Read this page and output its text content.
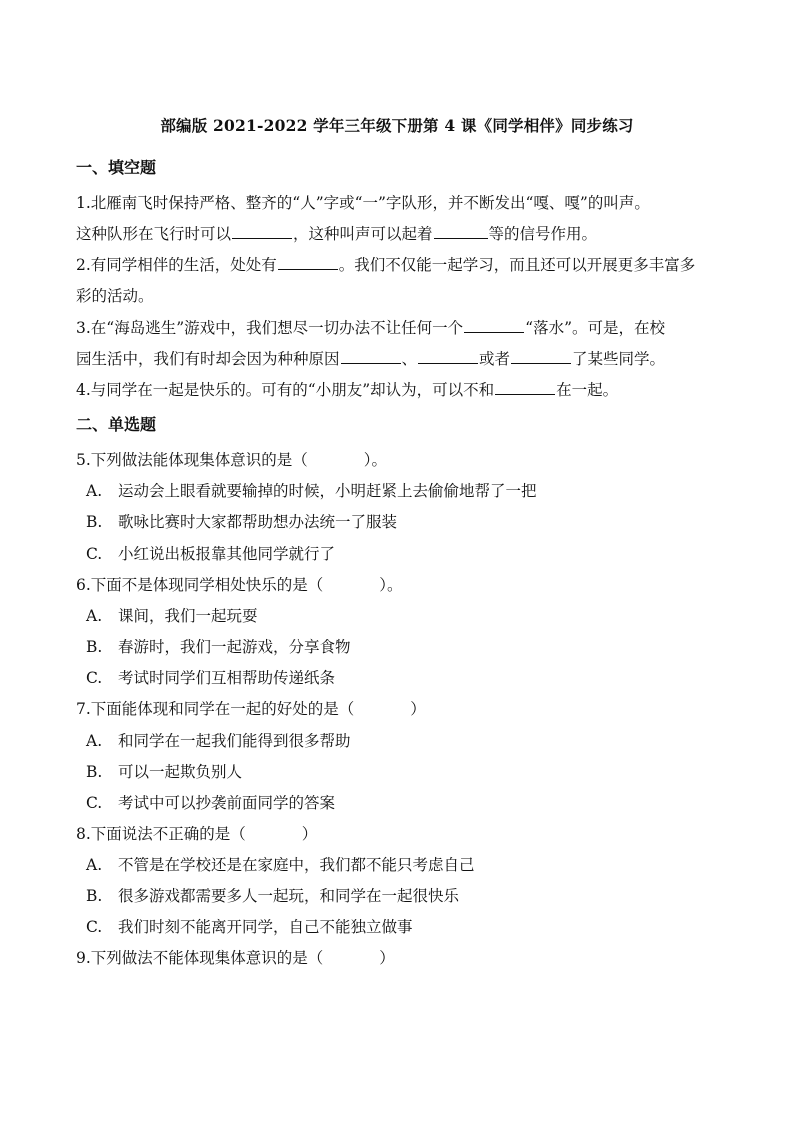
部编版 2021-2022 学年三年级下册第 4 课《同学相伴》同步练习
一、填空题
1.北雁南飞时保持严格、整齐的“人”字或“一”字队形，并不断发出“嘎、嘎”的叫声。
这种队形在飞行时可以	，这种叫声可以起着	等的信号作用。
2.有同学相伴的生活，处处有	。我们不仅能一起学习，而且还可以开展更多丰富多
彩的活动。
3.在“海岛逃生”游戏中，我们想尽一切办法不让任何一个	“落水”。可是，在校
园生活中，我们有时却会因为种种原因	、	或者	了某些同学。
4.与同学在一起是快乐的。可有的“小朋友”却认为，可以不和	在一起。
二、单选题
5.下列做法能体现集体意识的是（	）。
A. 运动会上眼看就要输掉的时候，小明赶紧上去偷偷地帮了一把
B. 歌咏比赛时大家都帮助想办法统一了服装
C. 小红说出板报靠其他同学就行了
6.下面不是体现同学相处快乐的是（	）。
A. 课间，我们一起玩耍
B. 春游时，我们一起游戏，分享食物
C. 考试时同学们互相帮助传递纸条
7.下面能体现和同学在一起的好处的是（	）
A. 和同学在一起我们能得到很多帮助
B. 可以一起欺负别人
C. 考试中可以抄袭前面同学的答案
8.下面说法不正确的是（	）
A. 不管是在学校还是在家庭中，我们都不能只考虑自己
B. 很多游戏都需要多人一起玩，和同学在一起很快乐
C. 我们时刻不能离开同学，自己不能独立做事
9.下列做法不能体现集体意识的是（	）
